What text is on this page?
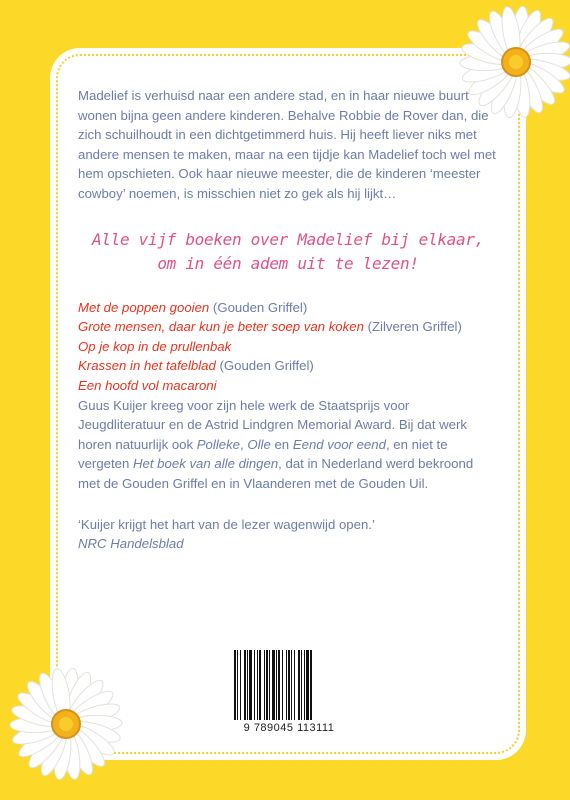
Madelief is verhuisd naar een andere stad, en in haar nieuwe buurt wonen bijna geen andere kinderen. Behalve Robbie de Rover dan, die zich schuilhoudt in een dichtgetimmerd huis. Hij heeft liever niks met andere mensen te maken, maar na een tijdje kan Madelief toch wel met hem opschieten. Ook haar nieuwe meester, die de kinderen ‘meester cowboy’ noemen, is misschien niet zo gek als hij lijkt…

Alle vijf boeken over Madelief bij elkaar,
om in één adem uit te lezen!
Met de poppen gooien (Gouden Griffel)
Grote mensen, daar kun je beter soep van koken (Zilveren Griffel)
Op je kop in de prullenbak
Krassen in het tafelblad (Gouden Griffel)
Een hoofd vol macaroni

Guus Kuijer kreeg voor zijn hele werk de Staatsprijs voor Jeugdliteratuur en de Astrid Lindgren Memorial Award. Bij dat werk horen natuurlijk ook Polleke, Olle en Eend voor eend, en niet te vergeten Het boek van alle dingen, dat in Nederland werd bekroond met de Gouden Griffel en in Vlaanderen met de Gouden Uil.

‘Kuijer krijgt het hart van de lezer wagenwijd open.’
NRC Handelsblad
9 789045 113111
